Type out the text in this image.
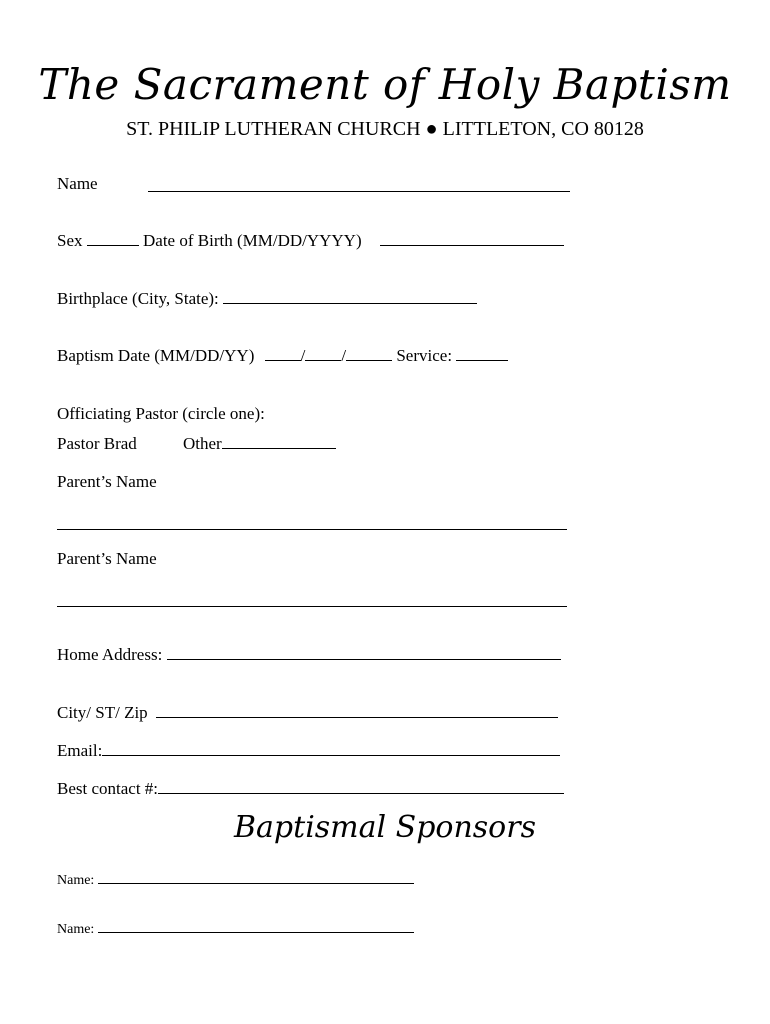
The Sacrament of Holy Baptism
ST. PHILIP LUTHERAN CHURCH ● LITTLETON, CO 80128
Name
Sex	Date of Birth (MM/DD/YYYY)
Birthplace (City, State):
Baptism Date (MM/DD/YY)	/ /	Service:
Officiating Pastor (circle one):
Pastor Brad	Other
Parent’s Name
Parent’s Name
Home Address:
City/ ST/ Zip
Email:
Best contact #:
Baptismal Sponsors
Name:
Name:
